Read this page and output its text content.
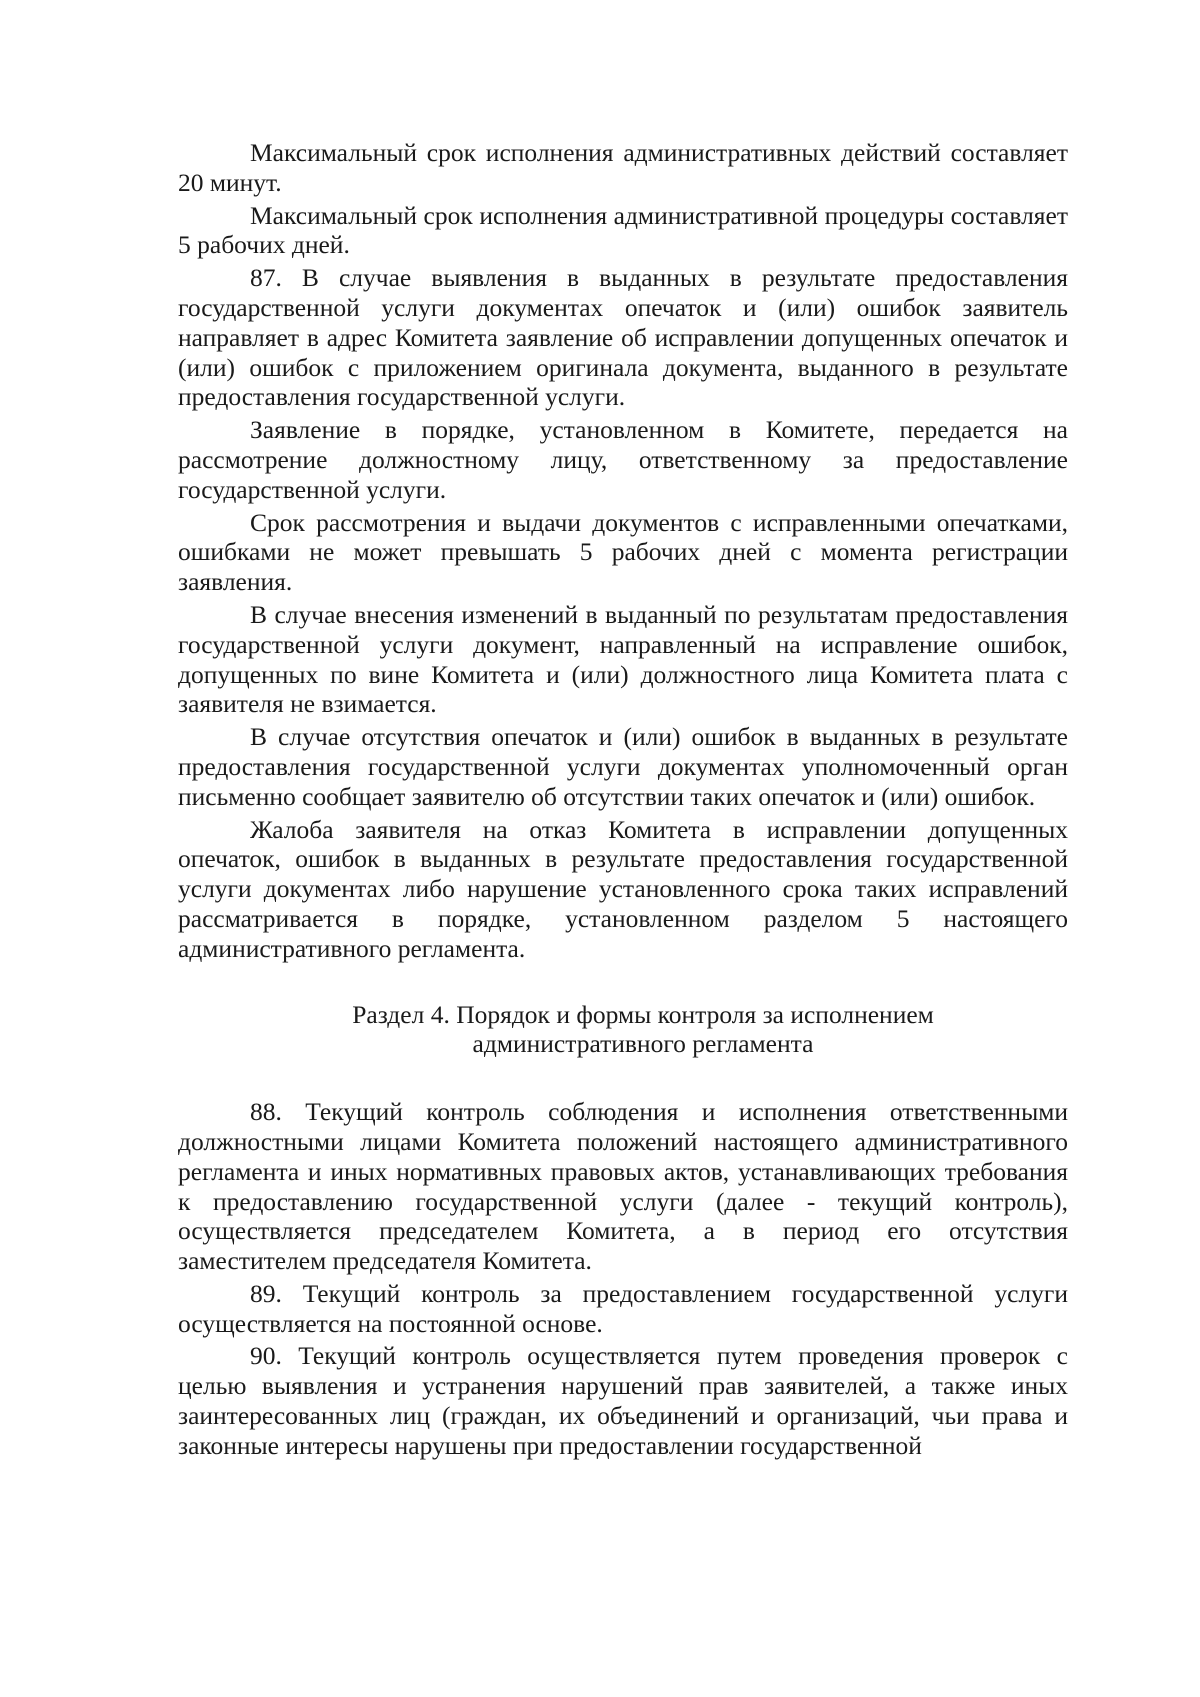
Максимальный срок исполнения административных действий составляет 20 минут.

Максимальный срок исполнения административной процедуры составляет 5 рабочих дней.

87. В случае выявления в выданных в результате предоставления государственной услуги документах опечаток и (или) ошибок заявитель направляет в адрес Комитета заявление об исправлении допущенных опечаток и (или) ошибок с приложением оригинала документа, выданного в результате предоставления государственной услуги.

Заявление в порядке, установленном в Комитете, передается на рассмотрение должностному лицу, ответственному за предоставление государственной услуги.

Срок рассмотрения и выдачи документов с исправленными опечатками, ошибками не может превышать 5 рабочих дней с момента регистрации заявления.

В случае внесения изменений в выданный по результатам предоставления государственной услуги документ, направленный на исправление ошибок, допущенных по вине Комитета и (или) должностного лица Комитета плата с заявителя не взимается.

В случае отсутствия опечаток и (или) ошибок в выданных в результате предоставления государственной услуги документах уполномоченный орган письменно сообщает заявителю об отсутствии таких опечаток и (или) ошибок.

Жалоба заявителя на отказ Комитета в исправлении допущенных опечаток, ошибок в выданных в результате предоставления государственной услуги документах либо нарушение установленного срока таких исправлений рассматривается в порядке, установленном разделом 5 настоящего административного регламента.

Раздел 4. Порядок и формы контроля за исполнением
административного регламента

88. Текущий контроль соблюдения и исполнения ответственными должностными лицами Комитета положений настоящего административного регламента и иных нормативных правовых актов, устанавливающих требования к предоставлению государственной услуги (далее - текущий контроль), осуществляется председателем Комитета, а в период его отсутствия заместителем председателя Комитета.

89. Текущий контроль за предоставлением государственной услуги осуществляется на постоянной основе.

90. Текущий контроль осуществляется путем проведения проверок с целью выявления и устранения нарушений прав заявителей, а также иных заинтересованных лиц (граждан, их объединений и организаций, чьи права и законные интересы нарушены при предоставлении государственной
